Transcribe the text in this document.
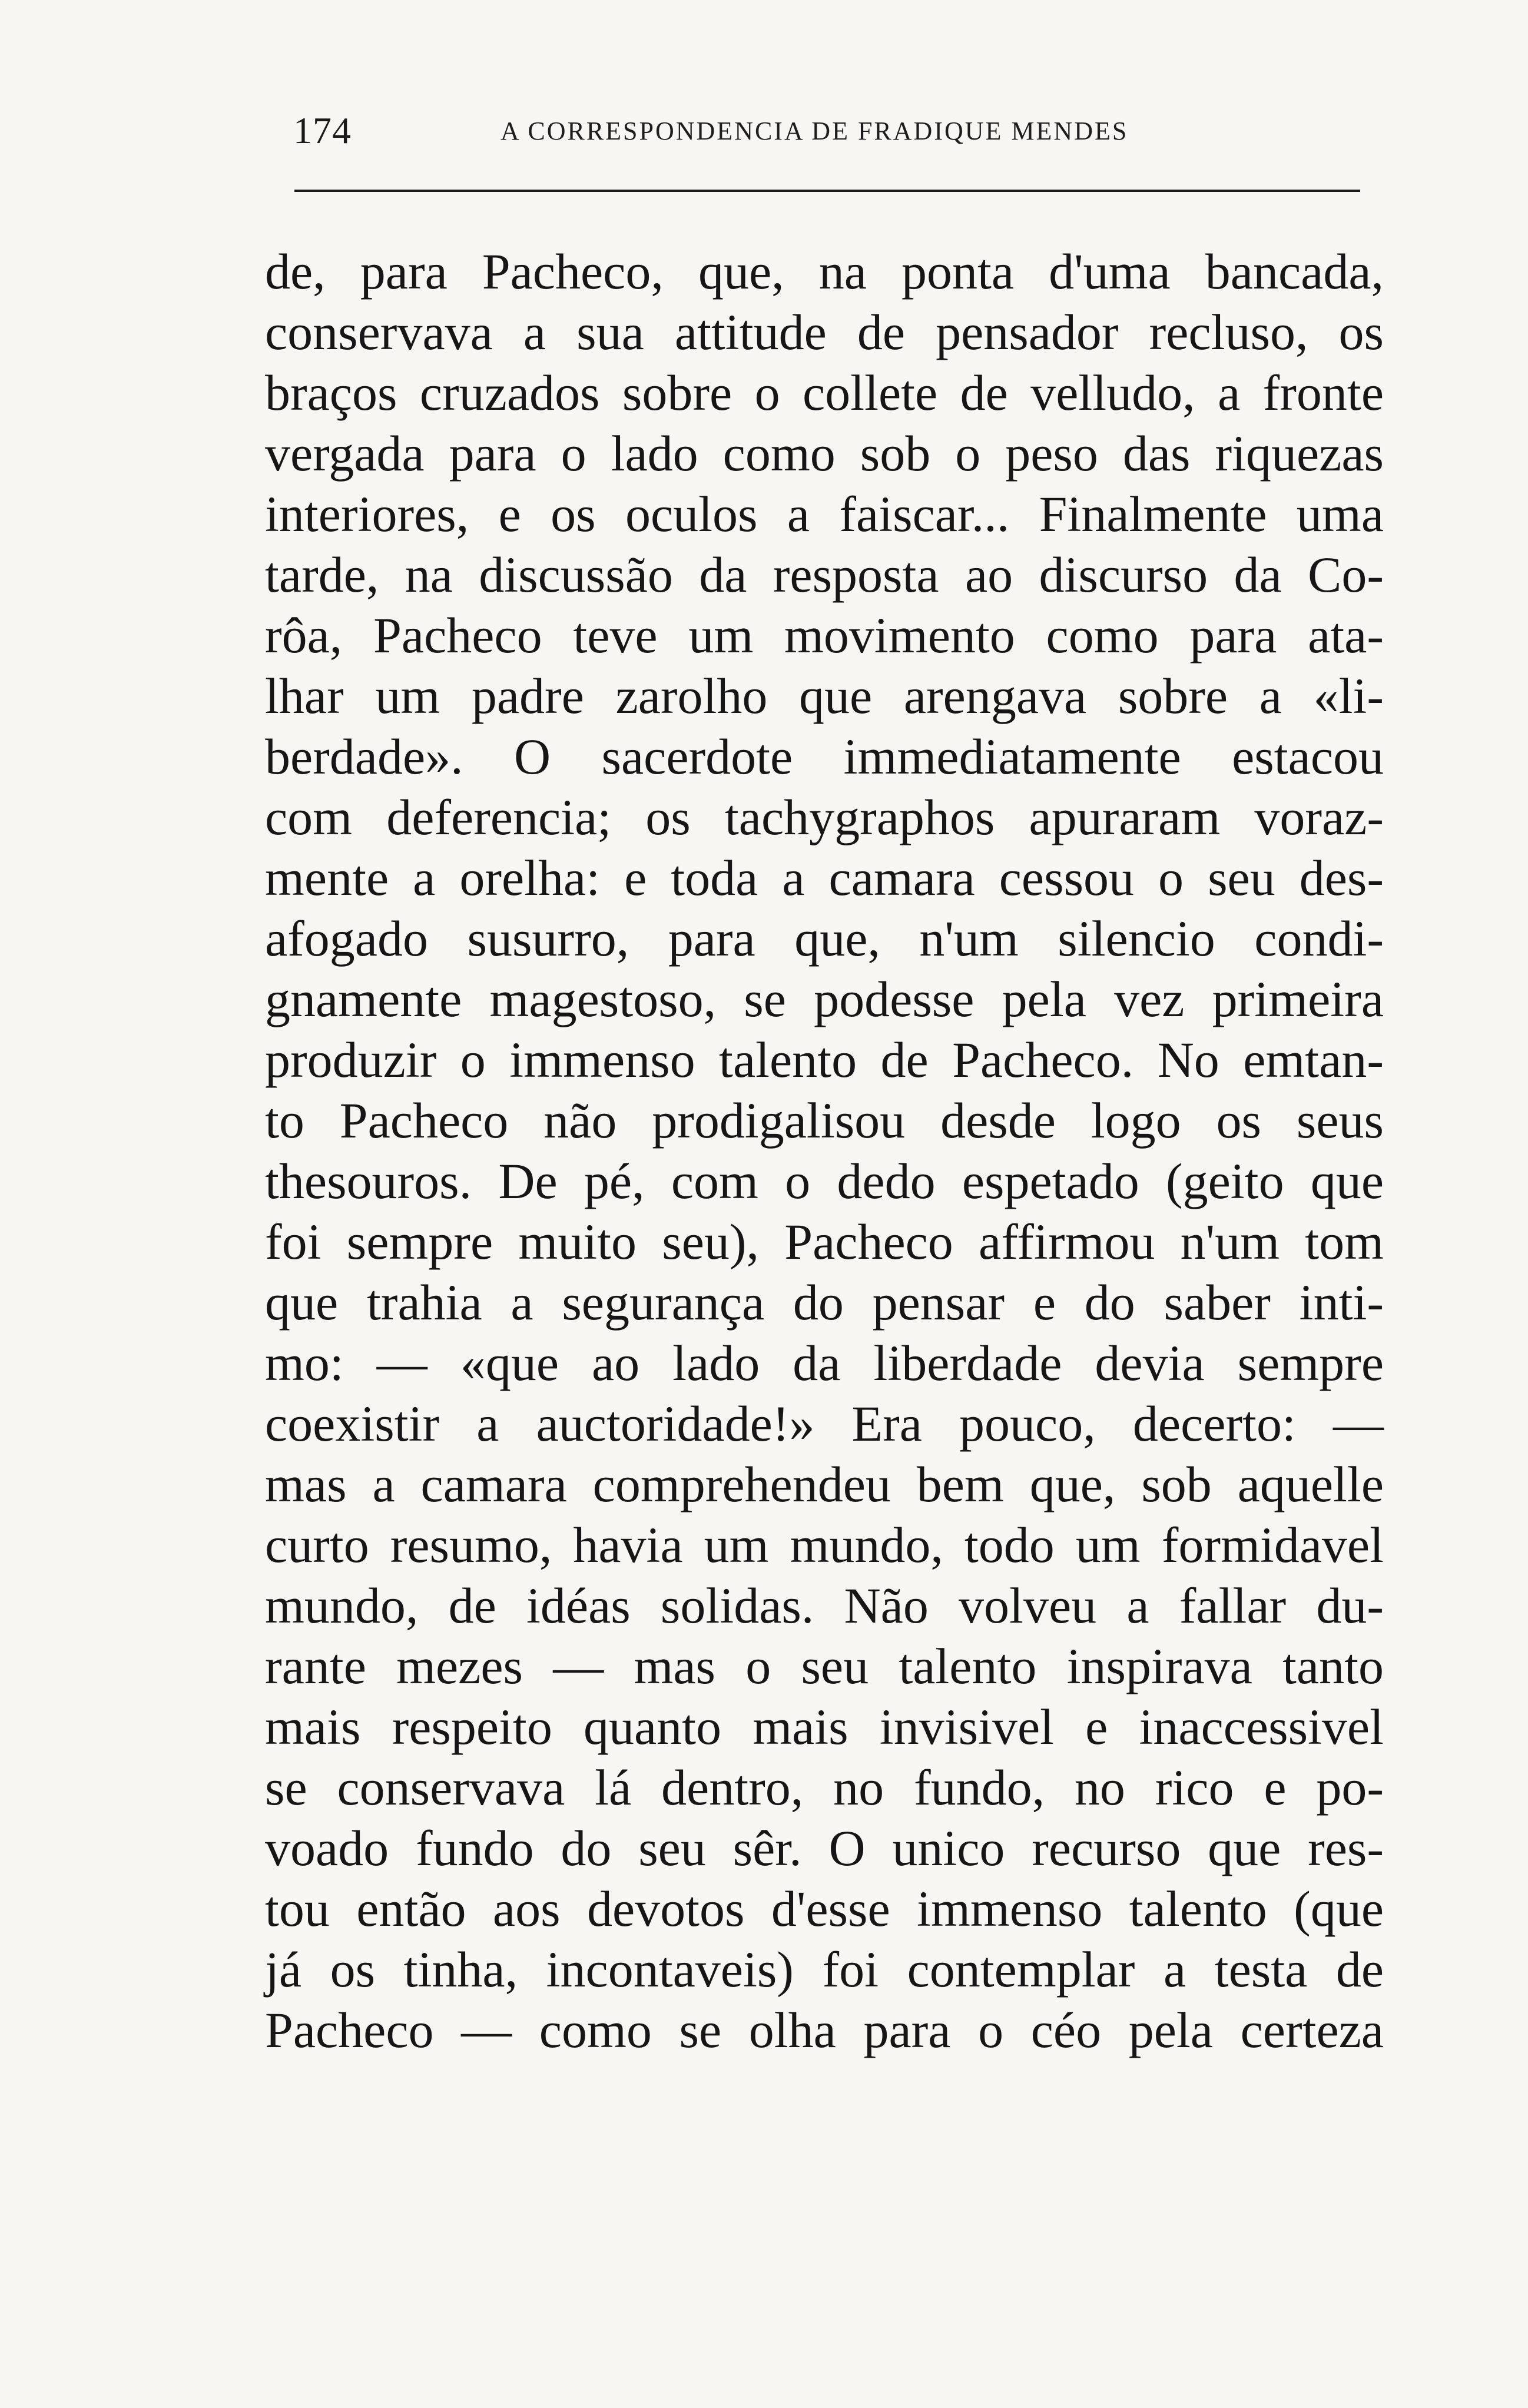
174	A CORRESPONDENCIA DE FRADIQUE MENDES
de, para Pacheco, que, na ponta d'uma bancada,
conservava a sua attitude de pensador recluso, os
braços cruzados sobre o collete de velludo, a fronte
vergada para o lado como sob o peso das riquezas
interiores, e os oculos a faiscar... Finalmente uma
tarde, na discussão da resposta ao discurso da Co-
rôa, Pacheco teve um movimento como para ata-
lhar um padre zarolho que arengava sobre a «li-
berdade». O sacerdote immediatamente estacou
com deferencia; os tachygraphos apuraram voraz-
mente a orelha: e toda a camara cessou o seu des-
afogado susurro, para que, n'um silencio condi-
gnamente magestoso, se podesse pela vez primeira
produzir o immenso talento de Pacheco. No emtan-
to Pacheco não prodigalisou desde logo os seus
thesouros. De pé, com o dedo espetado (geito que
foi sempre muito seu), Pacheco affirmou n'um tom
que trahia a segurança do pensar e do saber inti-
mo: — «que ao lado da liberdade devia sempre
coexistir a auctoridade!» Era pouco, decerto: —
mas a camara comprehendeu bem que, sob aquelle
curto resumo, havia um mundo, todo um formidavel
mundo, de idéas solidas. Não volveu a fallar du-
rante mezes — mas o seu talento inspirava tanto
mais respeito quanto mais invisivel e inaccessivel
se conservava lá dentro, no fundo, no rico e po-
voado fundo do seu sêr. O unico recurso que res-
tou então aos devotos d'esse immenso talento (que
já os tinha, incontaveis) foi contemplar a testa de
Pacheco — como se olha para o céo pela certeza
